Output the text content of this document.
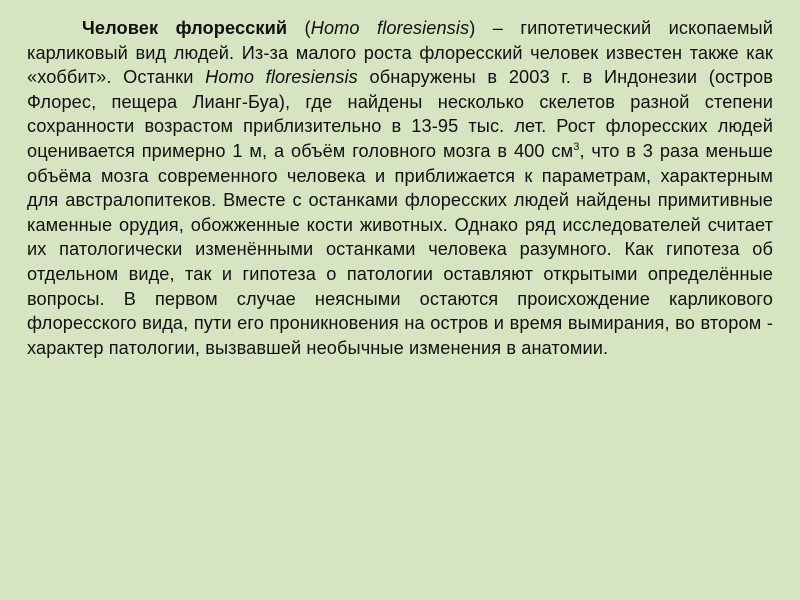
Человек флоресский (Homo floresiensis) – гипотетический ископаемый карликовый вид людей. Из-за малого роста флоресский человек известен также как «хоббит». Останки Homo floresiensis обнаружены в 2003 г. в Индонезии (остров Флорес, пещера Лианг-Буа), где найдены несколько скелетов разной степени сохранности возрастом приблизительно в 13-95 тыс. лет. Рост флоресских людей оценивается примерно 1 м, а объём головного мозга в 400 $см^3$, что в 3 раза меньше объёма мозга современного человека и приближается к параметрам, характерным для австралопитеков. Вместе с останками флоресских людей найдены примитивные каменные орудия, обожженные кости животных. Однако ряд исследователей считает их патологически изменёнными останками человека разумного. Как гипотеза об отдельном виде, так и гипотеза о патологии оставляют открытыми определённые вопросы. В первом случае неясными остаются происхождение карликового флоресского вида, пути его проникновения на остров и время вымирания, во втором - характер патологии, вызвавшей необычные изменения в анатомии.
